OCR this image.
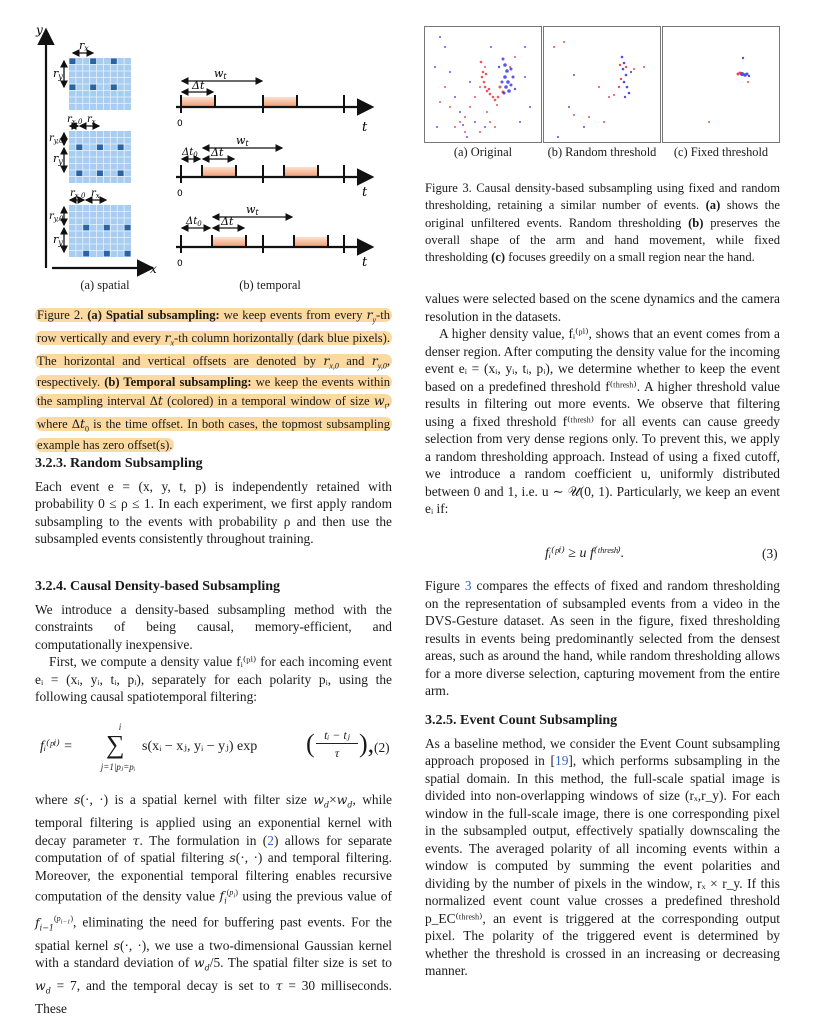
y
x
rx
ry
$r_{x,0}$ $r_x$
$r_{y,0}$
ry
$r_{x,0}$ $r_x$
$r_{y,0}$
ry
wt
Δt
0	t
wt
$\Delta t_0$ Δt
0	t
wt
$\Delta t_0$ Δt
0	t
(a) spatial	(b) temporal
Figure 2. (a) Spatial subsampling: we keep events from every $r_y-th$ row vertically and every $r_x-th$ column horizontally (dark blue pixels). The horizontal and vertical offsets are denoted by $r_{x,0}$ and $r_{y,0}$, respectively. (b) Temporal subsampling: we keep the events within the sampling interval Δt (colored) in a temporal window of size $w_t$, where $\Delta t_0$ is the time offset. In both cases, the topmost subsampling example has zero offset(s).
(a) Original	(b) Random threshold	(c) Fixed threshold
Figure 3. Causal density-based subsampling using fixed and random thresholding, retaining a similar number of events. (a) shows the original unfiltered events. Random thresholding (b) preserves the overall shape of the arm and hand movement, while fixed thresholding (c) focuses greedily on a small region near the hand.
3.2.3. Random Subsampling

Each event e = (x, y, t, p) is independently retained with probability 0 ≤ ρ ≤ 1. In each experiment, we first apply random subsampling to the events with probability ρ and then use the subsampled events consistently throughout training.

3.2.4. Causal Density-based Subsampling

We introduce a density-based subsampling method with the constraints of being causal, memory-efficient, and computationally inexpensive.

First, we compute a density value fᵢ⁽ᵖⁱ⁾ for each incoming event eᵢ = (xᵢ, yᵢ, tᵢ, pᵢ), separately for each polarity pᵢ, using the following causal spatiotemporal filtering:

fᵢ⁽ᵖⁱ⁾ =
i
∑
j=1|pⱼ=pᵢ
s(xᵢ − xⱼ, yᵢ − yⱼ) exp ( tᵢ − tⱼ
τ ), (2)

where s(·, ·) is a spatial kernel with filter size $w_d\times w_d$, while temporal filtering is applied using an exponential kernel with decay parameter τ. The formulation in (2) allows for separate computation of of spatial filtering s(·, ·) and temporal filtering. Moreover, the exponential temporal filtering enables recursive computation of the density value $f_i^{(p_i)}$ using the previous value of $f_{i-1}^{(p_{i-1})}$, eliminating the need for buffering past events. For the spatial kernel s(·, ·), we use a two-dimensional Gaussian kernel with a standard deviation of $w_d/5$. The spatial filter size is set to $w_d = 7$, and the temporal decay is set to τ = 30 milliseconds. These

values were selected based on the scene dynamics and the camera resolution in the datasets.

A higher density value, fᵢ⁽ᵖⁱ⁾, shows that an event comes from a denser region. After computing the density value for the incoming event eᵢ = (xᵢ, yᵢ, tᵢ, pᵢ), we determine whether to keep the event based on a predefined threshold f⁽ᵗʰʳᵉˢʰ⁾. A higher threshold value results in filtering out more events. We observe that filtering using a fixed threshold f⁽ᵗʰʳᵉˢʰ⁾ for all events can cause greedy selection from very dense regions only. To prevent this, we apply a random thresholding approach. Instead of using a fixed cutoff, we introduce a random coefficient u, uniformly distributed between 0 and 1, i.e. u ∼ 𝒰(0, 1). Particularly, we keep an event eᵢ if:

fᵢ⁽ᵖⁱ⁾ ≥ u f⁽ᵗʰʳᵉˢʰ⁾.	(3)

Figure 3 compares the effects of fixed and random thresholding on the representation of subsampled events from a video in the DVS-Gesture dataset. As seen in the figure, fixed thresholding results in events being predominantly selected from the densest areas, such as around the hand, while random thresholding allows for a more diverse selection, capturing movement from the entire arm.

3.2.5. Event Count Subsampling

As a baseline method, we consider the Event Count subsampling approach proposed in [19], which performs subsampling in the spatial domain. In this method, the full-scale spatial image is divided into non-overlapping windows of size (rₓ,r_y). For each window in the full-scale image, there is one corresponding pixel in the subsampled output, effectively spatially downscaling the events. The averaged polarity of all incoming events within a window is computed by summing the event polarities and dividing by the number of pixels in the window, rₓ × r_y. If this normalized event count value crosses a predefined threshold p_EC⁽ᵗʰʳᵉˢʰ⁾, an event is triggered at the corresponding output pixel. The polarity of the triggered event is determined by whether the threshold is crossed in an increasing or decreasing manner.
